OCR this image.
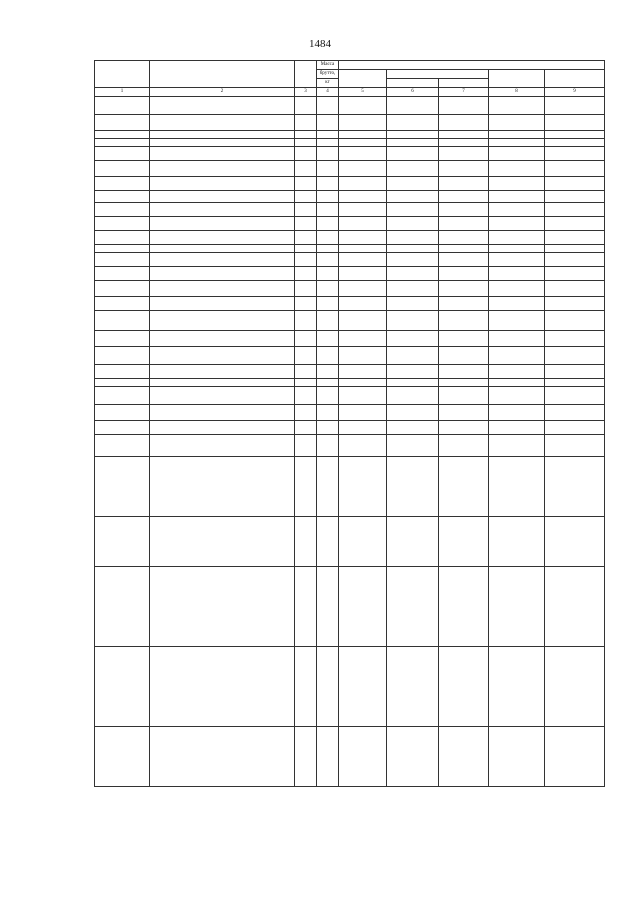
1484
			Масса					
			брутто,					
			кг					

1	2	3	4	5	6	7	8	9
